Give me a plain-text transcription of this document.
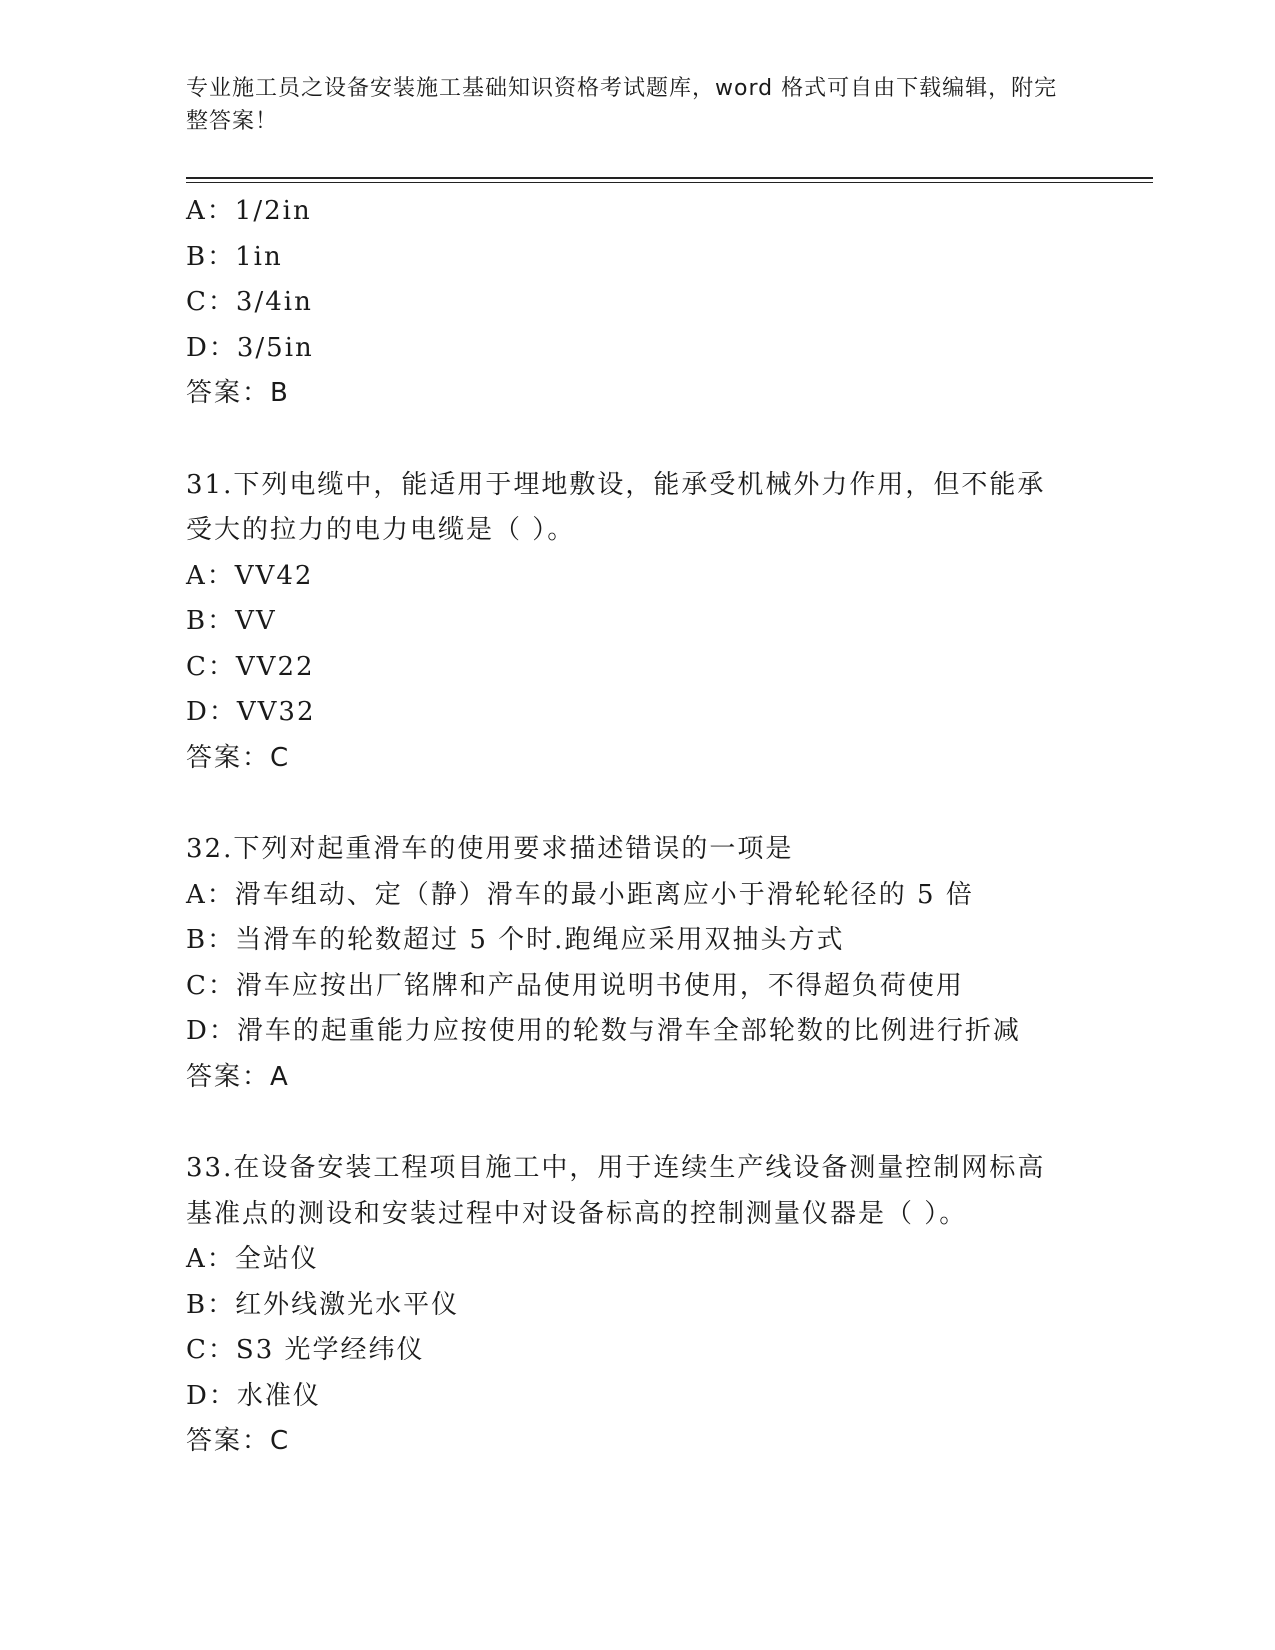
专业施工员之设备安装施工基础知识资格考试题库，word 格式可自由下载编辑，附完整答案！
A：1/2in
B：1in
C：3/4in
D：3/5in
答案：B
31.下列电缆中，能适用于埋地敷设，能承受机械外力作用，但不能承受大的拉力的电力电缆是（ ）。
A：VV42
B：VV
C：VV22
D：VV32
答案：C
32.下列对起重滑车的使用要求描述错误的一项是
A：滑车组动、定（静）滑车的最小距离应小于滑轮轮径的 5 倍
B：当滑车的轮数超过 5 个时.跑绳应采用双抽头方式
C：滑车应按出厂铭牌和产品使用说明书使用，不得超负荷使用
D：滑车的起重能力应按使用的轮数与滑车全部轮数的比例进行折减
答案：A
33.在设备安装工程项目施工中，用于连续生产线设备测量控制网标高基准点的测设和安装过程中对设备标高的控制测量仪器是（ ）。
A：全站仪
B：红外线激光水平仪
C：S3 光学经纬仪
D：水准仪
答案：C
